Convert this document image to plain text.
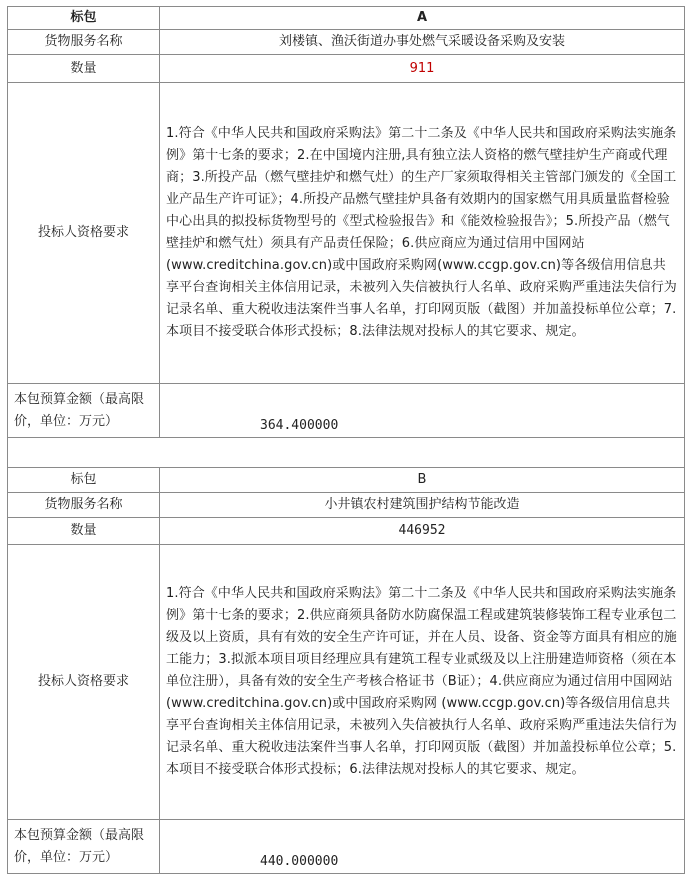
标包	A
货物服务名称	刘楼镇、渔沃街道办事处燃气采暖设备采购及安装
数量	911
投标人资格要求	1.符合《中华人民共和国政府采购法》第二十二条及《中华人民共和国政府采购法实施条例》第十七条的要求；2.在中国境内注册,具有独立法人资格的燃气壁挂炉生产商或代理商；3.所投产品（燃气壁挂炉和燃气灶）的生产厂家须取得相关主管部门颁发的《全国工业产品生产许可证》；4.所投产品燃气壁挂炉具备有效期内的国家燃气用具质量监督检验中心出具的拟投标货物型号的《型式检验报告》和《能效检验报告》；5.所投产品（燃气壁挂炉和燃气灶）须具有产品责任保险；6.供应商应为通过信用中国网站(www.creditchina.gov.cn)或中国政府采购网(www.ccgp.gov.cn)等各级信用信息共享平台查询相关主体信用记录，未被列入失信被执行人名单、政府采购严重违法失信行为记录名单、重大税收违法案件当事人名单，打印网页版（截图）并加盖投标单位公章；7.本项目不接受联合体形式投标；8.法律法规对投标人的其它要求、规定。
本包预算金额（最高限价，单位：万元）	364.400000

标包	B
货物服务名称	小井镇农村建筑围护结构节能改造
数量	446952
投标人资格要求	1.符合《中华人民共和国政府采购法》第二十二条及《中华人民共和国政府采购法实施条例》第十七条的要求；2.供应商须具备防水防腐保温工程或建筑装修装饰工程专业承包二级及以上资质，具有有效的安全生产许可证，并在人员、设备、资金等方面具有相应的施工能力；3.拟派本项目项目经理应具有建筑工程专业贰级及以上注册建造师资格（须在本单位注册），具备有效的安全生产考核合格证书（B证）；4.供应商应为通过信用中国网站(www.creditchina.gov.cn)或中国政府采购网 (www.ccgp.gov.cn)等各级信用信息共享平台查询相关主体信用记录，未被列入失信被执行人名单、政府采购严重违法失信行为记录名单、重大税收违法案件当事人名单，打印网页版（截图）并加盖投标单位公章；5.本项目不接受联合体形式投标；6.法律法规对投标人的其它要求、规定。
本包预算金额（最高限价，单位：万元）	440.000000
